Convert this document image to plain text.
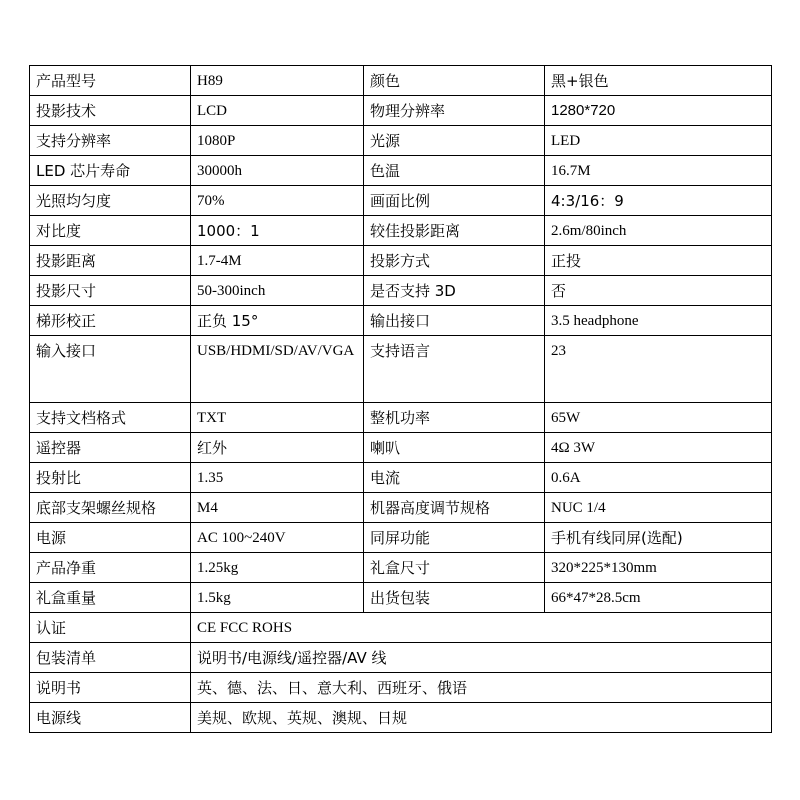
产品型号	H89	颜色	黑+银色
投影技术	LCD	物理分辨率	1280*720
支持分辨率	1080P	光源	LED
LED 芯片寿命	30000h	色温	16.7M
光照均匀度	70%	画面比例	4:3/16：9
对比度	1000：1	较佳投影距离	2.6m/80inch
投影距离	1.7-4M	投影方式	正投
投影尺寸	50-300inch	是否支持 3D	否
梯形校正	正负 15°	输出接口	3.5 headphone
输入接口	USB/HDMI/SD/AV/VGA	支持语言	23
支持文档格式	TXT	整机功率	65W
遥控器	红外	喇叭	4Ω 3W
投射比	1.35	电流	0.6A
底部支架螺丝规格	M4	机器高度调节规格	NUC 1/4
电源	AC 100~240V	同屏功能	手机有线同屏(选配)
产品净重	1.25kg	礼盒尺寸	320*225*130mm
礼盒重量	1.5kg	出货包装	66*47*28.5cm
认证	CE FCC ROHS		
包装清单	说明书/电源线/遥控器/AV 线		
说明书	英、德、法、日、意大利、西班牙、俄语		
电源线	美规、欧规、英规、澳规、日规		
